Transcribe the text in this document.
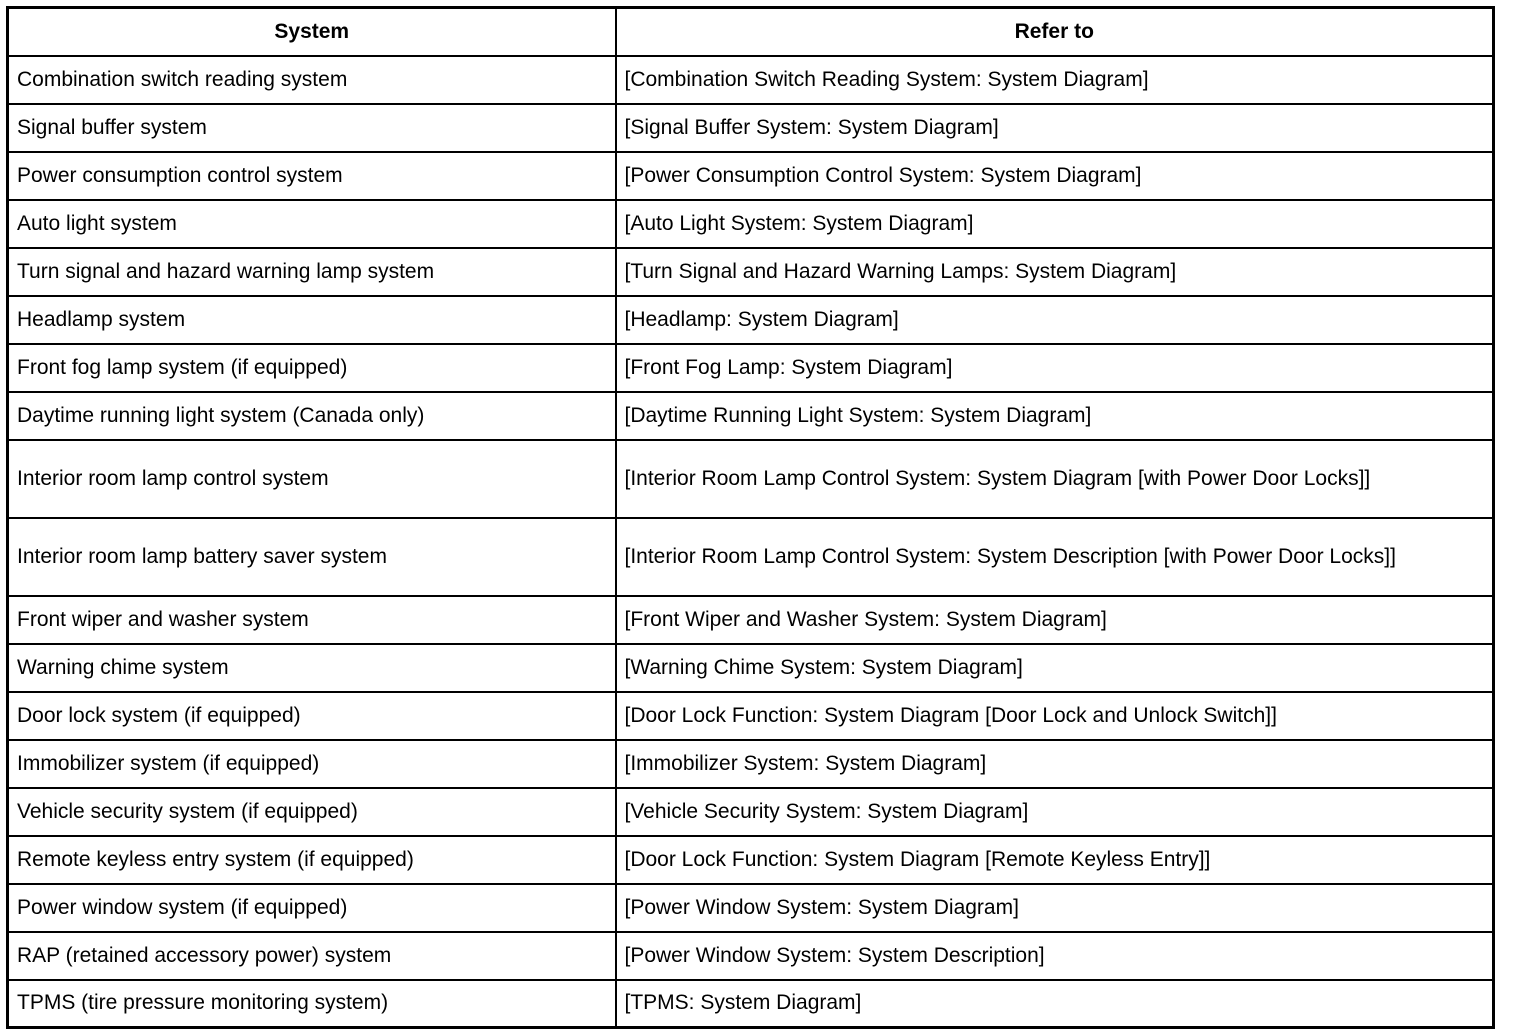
System	Refer to
Combination switch reading system	[Combination Switch Reading System: System Diagram]
Signal buffer system	[Signal Buffer System: System Diagram]
Power consumption control system	[Power Consumption Control System: System Diagram]
Auto light system	[Auto Light System: System Diagram]
Turn signal and hazard warning lamp system	[Turn Signal and Hazard Warning Lamps: System Diagram]
Headlamp system	[Headlamp: System Diagram]
Front fog lamp system (if equipped)	[Front Fog Lamp: System Diagram]
Daytime running light system (Canada only)	[Daytime Running Light System: System Diagram]
Interior room lamp control system	[Interior Room Lamp Control System: System Diagram [with Power Door Locks]]
Interior room lamp battery saver system	[Interior Room Lamp Control System: System Description [with Power Door Locks]]
Front wiper and washer system	[Front Wiper and Washer System: System Diagram]
Warning chime system	[Warning Chime System: System Diagram]
Door lock system (if equipped)	[Door Lock Function: System Diagram [Door Lock and Unlock Switch]]
Immobilizer system (if equipped)	[Immobilizer System: System Diagram]
Vehicle security system (if equipped)	[Vehicle Security System: System Diagram]
Remote keyless entry system (if equipped)	[Door Lock Function: System Diagram [Remote Keyless Entry]]
Power window system (if equipped)	[Power Window System: System Diagram]
RAP (retained accessory power) system	[Power Window System: System Description]
TPMS (tire pressure monitoring system)	[TPMS: System Diagram]
